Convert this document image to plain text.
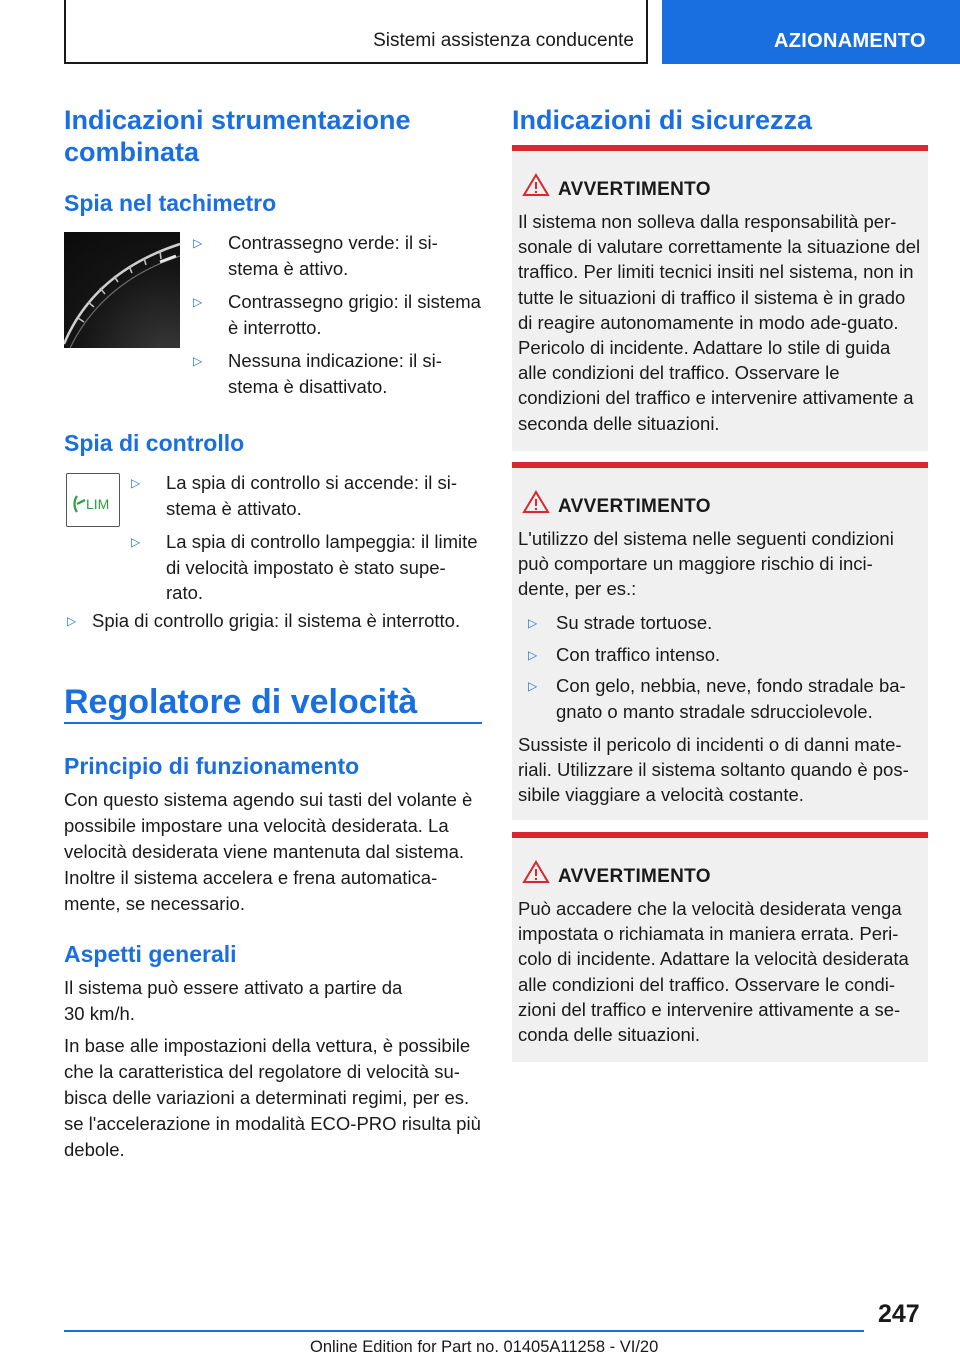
Sistemi assistenza conducente	AZIONAMENTO
Indicazioni strumentazione combinata
Spia nel tachimetro
▷ Contrassegno verde: il si-stema è attivo.
▷ Contrassegno grigio: il sistema è interrotto.
▷ Nessuna indicazione: il si-stema è disattivato.
Spia di controllo
LIM
▷ La spia di controllo si accende: il si-stema è attivato.
▷ La spia di controllo lampeggia: il limite di velocità impostato è stato supe-rato.
▷ Spia di controllo grigia: il sistema è interrotto.
Regolatore di velocità
Principio di funzionamento
Con questo sistema agendo sui tasti del volante è possibile impostare una velocità desiderata. La velocità desiderata viene mantenuta dal sistema. Inoltre il sistema accelera e frena automatica-mente, se necessario.
Aspetti generali
Il sistema può essere attivato a partire da 30 km/h.
In base alle impostazioni della vettura, è possibile che la caratteristica del regolatore di velocità su-bisca delle variazioni a determinati regimi, per es. se l'accelerazione in modalità ECO-PRO risulta più debole.
Indicazioni di sicurezza
AVVERTIMENTO
Il sistema non solleva dalla responsabilità per-sonale di valutare correttamente la situazione del traffico. Per limiti tecnici insiti nel sistema, non in tutte le situazioni di traffico il sistema è in grado di reagire autonomamente in modo ade-guato. Pericolo di incidente. Adattare lo stile di guida alle condizioni del traffico. Osservare le condizioni del traffico e intervenire attivamente a seconda delle situazioni.
AVVERTIMENTO
L'utilizzo del sistema nelle seguenti condizioni può comportare un maggiore rischio di inci-dente, per es.:
▷ Su strade tortuose.
▷ Con traffico intenso.
▷ Con gelo, nebbia, neve, fondo stradale ba-gnato o manto stradale sdrucciolevole.
Sussiste il pericolo di incidenti o di danni mate-riali. Utilizzare il sistema soltanto quando è pos-sibile viaggiare a velocità costante.
AVVERTIMENTO
Può accadere che la velocità desiderata venga impostata o richiamata in maniera errata. Peri-colo di incidente. Adattare la velocità desiderata alle condizioni del traffico. Osservare le condi-zioni del traffico e intervenire attivamente a se-conda delle situazioni.
247
Online Edition for Part no. 01405A11258 - VI/20
